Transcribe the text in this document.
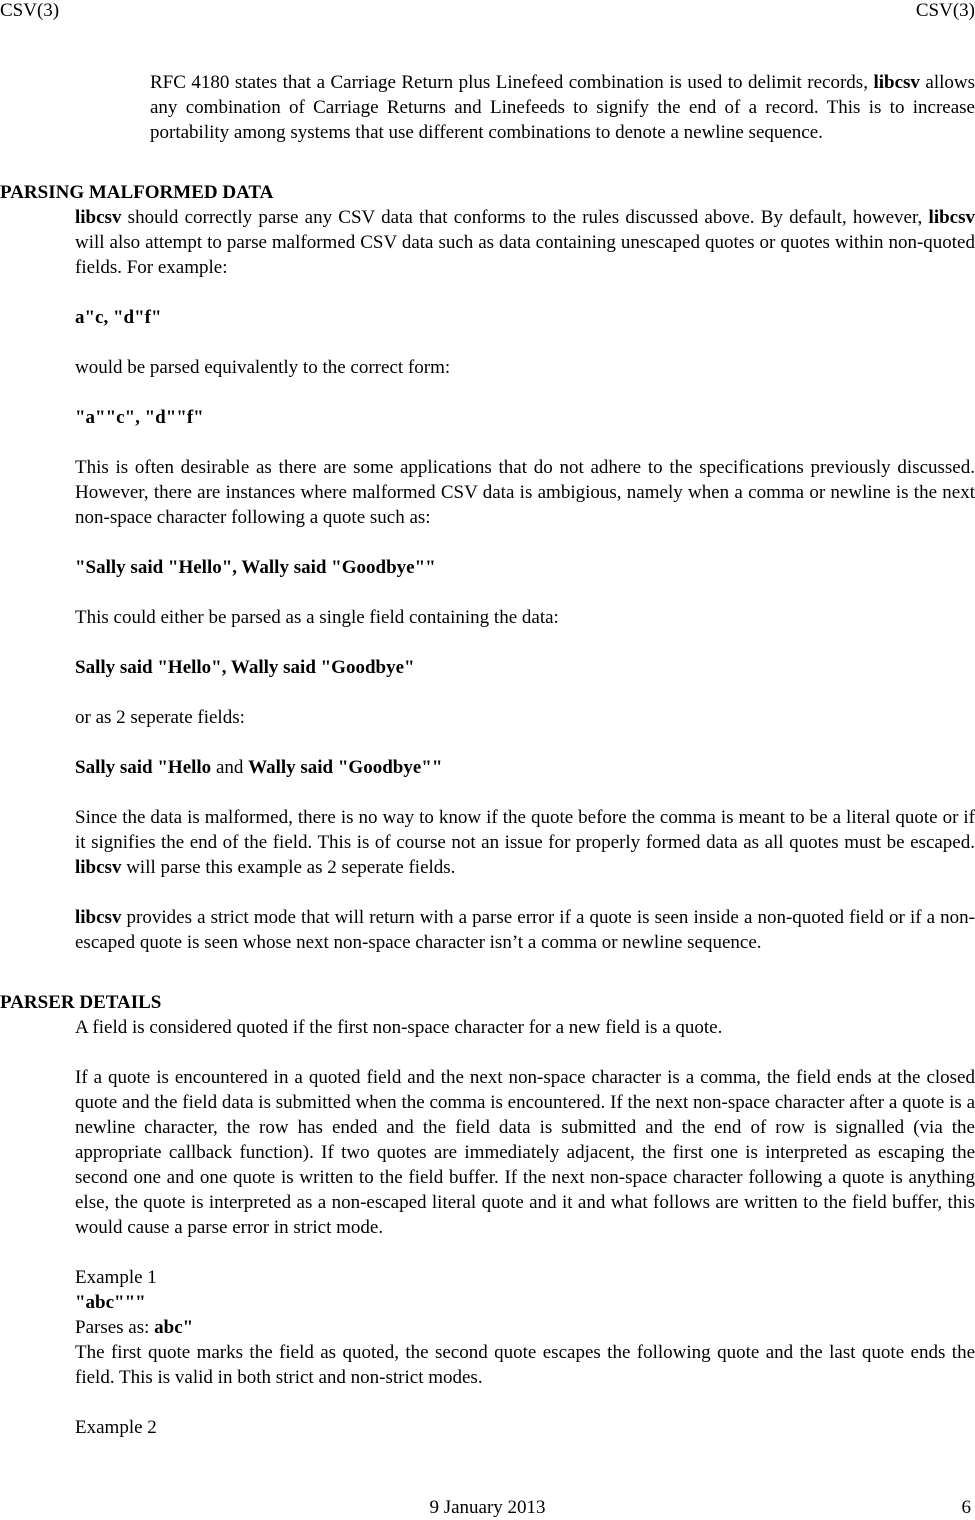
CSV(3)	CSV(3)
RFC 4180 states that a Carriage Return plus Linefeed combination is used to delimit records, libcsv allows any combination of Carriage Returns and Linefeeds to signify the end of a record. This is to increase portability among systems that use different combinations to denote a newline sequence.
PARSING MALFORMED DATA
libcsv should correctly parse any CSV data that conforms to the rules discussed above. By default, however, libcsv will also attempt to parse malformed CSV data such as data containing unescaped quotes or quotes within non-quoted fields. For example:
a"c, "d"f"
would be parsed equivalently to the correct form:
"a""c", "d""f"
This is often desirable as there are some applications that do not adhere to the specifications previously discussed. However, there are instances where malformed CSV data is ambigious, namely when a comma or newline is the next non-space character following a quote such as:
"Sally said "Hello", Wally said "Goodbye""
This could either be parsed as a single field containing the data:
Sally said "Hello", Wally said "Goodbye"
or as 2 seperate fields:
Sally said "Hello and Wally said "Goodbye""
Since the data is malformed, there is no way to know if the quote before the comma is meant to be a literal quote or if it signifies the end of the field. This is of course not an issue for properly formed data as all quotes must be escaped. libcsv will parse this example as 2 seperate fields.
libcsv provides a strict mode that will return with a parse error if a quote is seen inside a non-quoted field or if a non-escaped quote is seen whose next non-space character isn’t a comma or newline sequence.
PARSER DETAILS
A field is considered quoted if the first non-space character for a new field is a quote.
If a quote is encountered in a quoted field and the next non-space character is a comma, the field ends at the closed quote and the field data is submitted when the comma is encountered. If the next non-space character after a quote is a newline character, the row has ended and the field data is submitted and the end of row is signalled (via the appropriate callback function). If two quotes are immediately adjacent, the first one is interpreted as escaping the second one and one quote is written to the field buffer. If the next non-space character following a quote is anything else, the quote is interpreted as a non-escaped literal quote and it and what follows are written to the field buffer, this would cause a parse error in strict mode.
Example 1
"abc"""
Parses as: abc"
The first quote marks the field as quoted, the second quote escapes the following quote and the last quote ends the field. This is valid in both strict and non-strict modes.
Example 2
9 January 2013	6
